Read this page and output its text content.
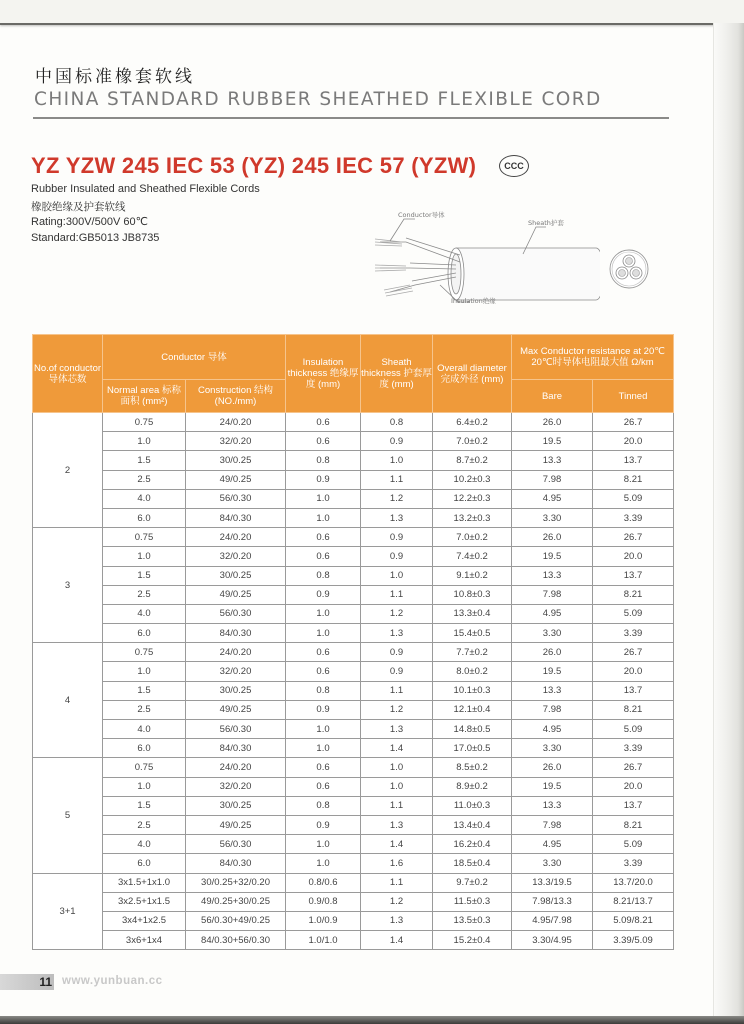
中国标准橡套软线
CHINA STANDARD RUBBER SHEATHED FLEXIBLE CORD
YZ YZW 245 IEC 53 (YZ) 245 IEC 57 (YZW)	CCC
Rubber Insulated and Sheathed Flexible Cords
橡胶绝缘及护套软线
Rating:300V/500V 60℃
Standard:GB5013 JB8735
Conductor导体
Sheath护套
Insulation绝缘
No.of conductor 导体芯数	Conductor 导体		Insulation thickness 绝缘厚度 (mm)	Sheath thickness 护套厚度 (mm)	Overall diameter 完成外径 (mm)	Max Conductor resistance at 20℃ 20℃时导体电阻最大值 Ω/km	
	Normal area 标称面积 (mm²)	Construction 结构 (NO./mm)				Bare	Tinned
2	0.75	24/0.20	0.6	0.8	6.4±0.2	26.0	26.7
	1.0	32/0.20	0.6	0.9	7.0±0.2	19.5	20.0
	1.5	30/0.25	0.8	1.0	8.7±0.2	13.3	13.7
	2.5	49/0.25	0.9	1.1	10.2±0.3	7.98	8.21
	4.0	56/0.30	1.0	1.2	12.2±0.3	4.95	5.09
	6.0	84/0.30	1.0	1.3	13.2±0.3	3.30	3.39
3	0.75	24/0.20	0.6	0.9	7.0±0.2	26.0	26.7
	1.0	32/0.20	0.6	0.9	7.4±0.2	19.5	20.0
	1.5	30/0.25	0.8	1.0	9.1±0.2	13.3	13.7
	2.5	49/0.25	0.9	1.1	10.8±0.3	7.98	8.21
	4.0	56/0.30	1.0	1.2	13.3±0.4	4.95	5.09
	6.0	84/0.30	1.0	1.3	15.4±0.5	3.30	3.39
4	0.75	24/0.20	0.6	0.9	7.7±0.2	26.0	26.7
	1.0	32/0.20	0.6	0.9	8.0±0.2	19.5	20.0
	1.5	30/0.25	0.8	1.1	10.1±0.3	13.3	13.7
	2.5	49/0.25	0.9	1.2	12.1±0.4	7.98	8.21
	4.0	56/0.30	1.0	1.3	14.8±0.5	4.95	5.09
	6.0	84/0.30	1.0	1.4	17.0±0.5	3.30	3.39
5	0.75	24/0.20	0.6	1.0	8.5±0.2	26.0	26.7
	1.0	32/0.20	0.6	1.0	8.9±0.2	19.5	20.0
	1.5	30/0.25	0.8	1.1	11.0±0.3	13.3	13.7
	2.5	49/0.25	0.9	1.3	13.4±0.4	7.98	8.21
	4.0	56/0.30	1.0	1.4	16.2±0.4	4.95	5.09
	6.0	84/0.30	1.0	1.6	18.5±0.4	3.30	3.39
3+1	3x1.5+1x1.0	30/0.25+32/0.20	0.8/0.6	1.1	9.7±0.2	13.3/19.5	13.7/20.0
	3x2.5+1x1.5	49/0.25+30/0.25	0.9/0.8	1.2	11.5±0.3	7.98/13.3	8.21/13.7
	3x4+1x2.5	56/0.30+49/0.25	1.0/0.9	1.3	13.5±0.3	4.95/7.98	5.09/8.21
	3x6+1x4	84/0.30+56/0.30	1.0/1.0	1.4	15.2±0.4	3.30/4.95	3.39/5.09
11 www.yunbuan.cc
